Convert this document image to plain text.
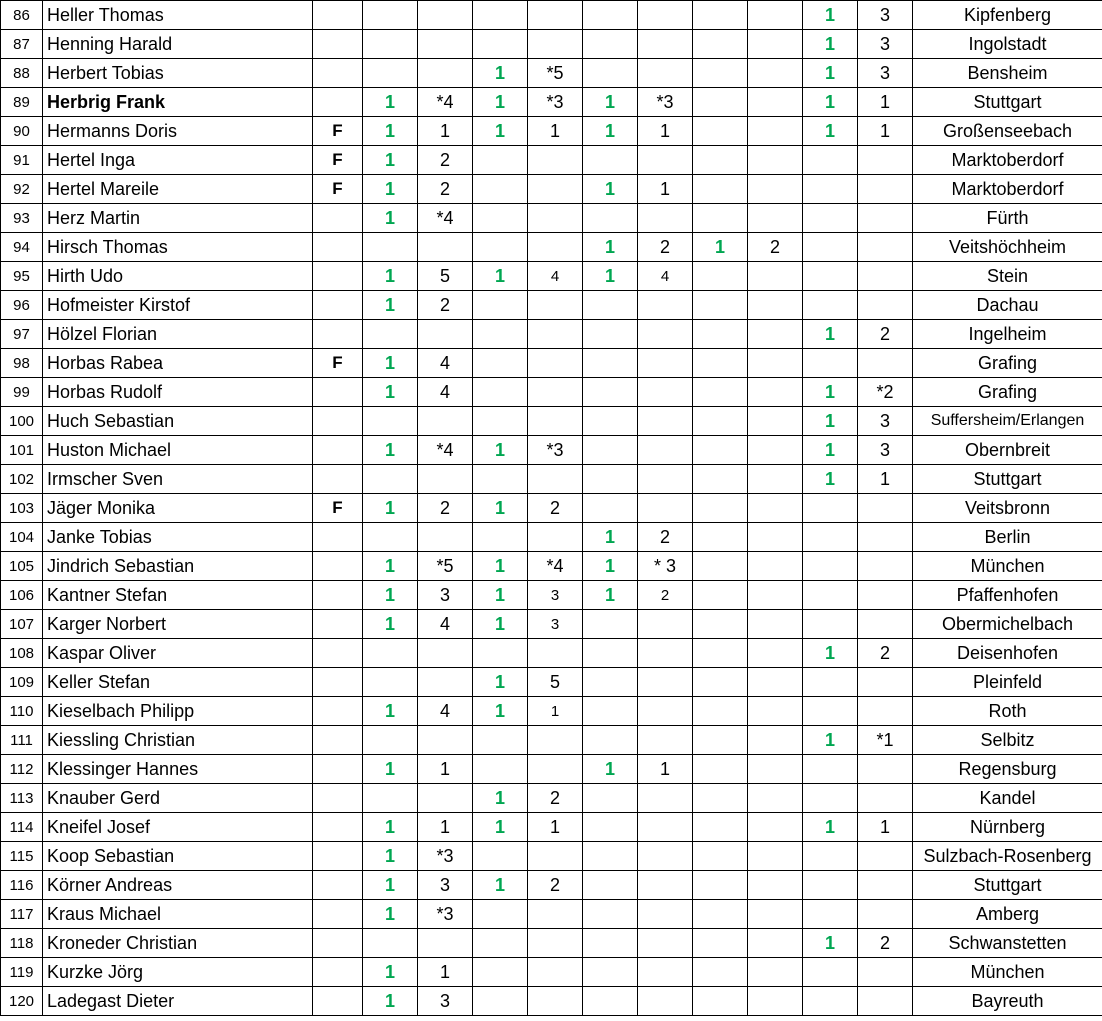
86	Heller Thomas										1	3	Kipfenberg
87	Henning Harald										1	3	Ingolstadt
88	Herbert Tobias				1	*5					1	3	Bensheim
89	Herbrig Frank		1	*4	1	*3	1	*3			1	1	Stuttgart
90	Hermanns Doris	F	1	1	1	1	1	1			1	1	Großenseebach
91	Hertel Inga	F	1	2									Marktoberdorf
92	Hertel Mareile	F	1	2			1	1					Marktoberdorf
93	Herz Martin		1	*4									Fürth
94	Hirsch Thomas						1	2	1	2			Veitshöchheim
95	Hirth Udo		1	5	1	4	1	4					Stein
96	Hofmeister Kirstof		1	2									Dachau
97	Hölzel Florian										1	2	Ingelheim
98	Horbas Rabea	F	1	4									Grafing
99	Horbas Rudolf		1	4							1	*2	Grafing
100	Huch Sebastian										1	3	Suffersheim/Erlangen
101	Huston Michael		1	*4	1	*3					1	3	Obernbreit
102	Irmscher Sven										1	1	Stuttgart
103	Jäger Monika	F	1	2	1	2							Veitsbronn
104	Janke Tobias						1	2					Berlin
105	Jindrich Sebastian		1	*5	1	*4	1	* 3					München
106	Kantner Stefan		1	3	1	3	1	2					Pfaffenhofen
107	Karger Norbert		1	4	1	3							Obermichelbach
108	Kaspar Oliver										1	2	Deisenhofen
109	Keller Stefan				1	5							Pleinfeld
110	Kieselbach Philipp		1	4	1	1							Roth
111	Kiessling Christian										1	*1	Selbitz
112	Klessinger Hannes		1	1			1	1					Regensburg
113	Knauber Gerd				1	2							Kandel
114	Kneifel Josef		1	1	1	1					1	1	Nürnberg
115	Koop Sebastian		1	*3									Sulzbach-Rosenberg
116	Körner Andreas		1	3	1	2							Stuttgart
117	Kraus Michael		1	*3									Amberg
118	Kroneder Christian										1	2	Schwanstetten
119	Kurzke Jörg		1	1									München
120	Ladegast Dieter		1	3									Bayreuth
